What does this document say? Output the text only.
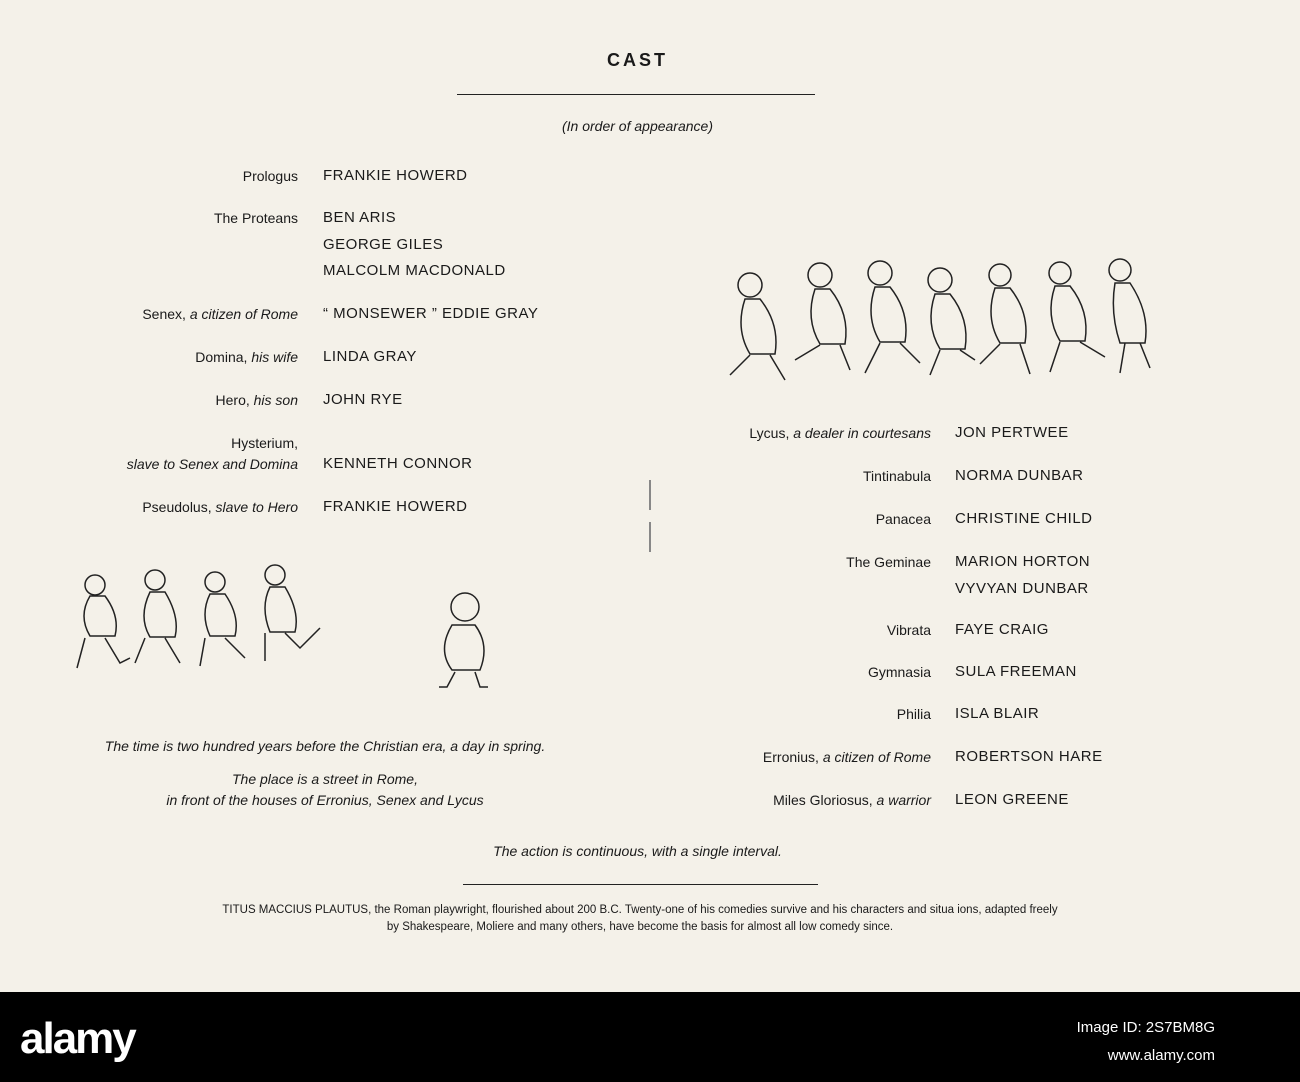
CAST
(In order of appearance)
Prologus FRANKIE HOWERD
The Proteans BEN ARIS
GEORGE GILES
MALCOLM MACDONALD
Senex, a citizen of Rome “ MONSEWER ” EDDIE GRAY
Domina, his wife LINDA GRAY
Hero, his son JOHN RYE
Hysterium,
slave to Senex and Domina KENNETH CONNOR
Pseudolus, slave to Hero FRANKIE HOWERD
Lycus, a dealer in courtesans JON PERTWEE
Tintinabula NORMA DUNBAR
Panacea CHRISTINE CHILD
The Geminae MARION HORTON
VYVYAN DUNBAR
Vibrata FAYE CRAIG
Gymnasia SULA FREEMAN
Philia ISLA BLAIR
Erronius, a citizen of Rome ROBERTSON HARE
Miles Gloriosus, a warrior LEON GREENE
The time is two hundred years before the Christian era, a day in spring.
The place is a street in Rome,
in front of the houses of Erronius, Senex and Lycus
The action is continuous, with a single interval.
TITUS MACCIUS PLAUTUS, the Roman playwright, flourished about 200 B.C. Twenty-one of his comedies survive and his characters and situa ions, adapted freely
by Shakespeare, Moliere and many others, have become the basis for almost all low comedy since.
alamy	Image ID: 2S7BM8G
www.alamy.com
